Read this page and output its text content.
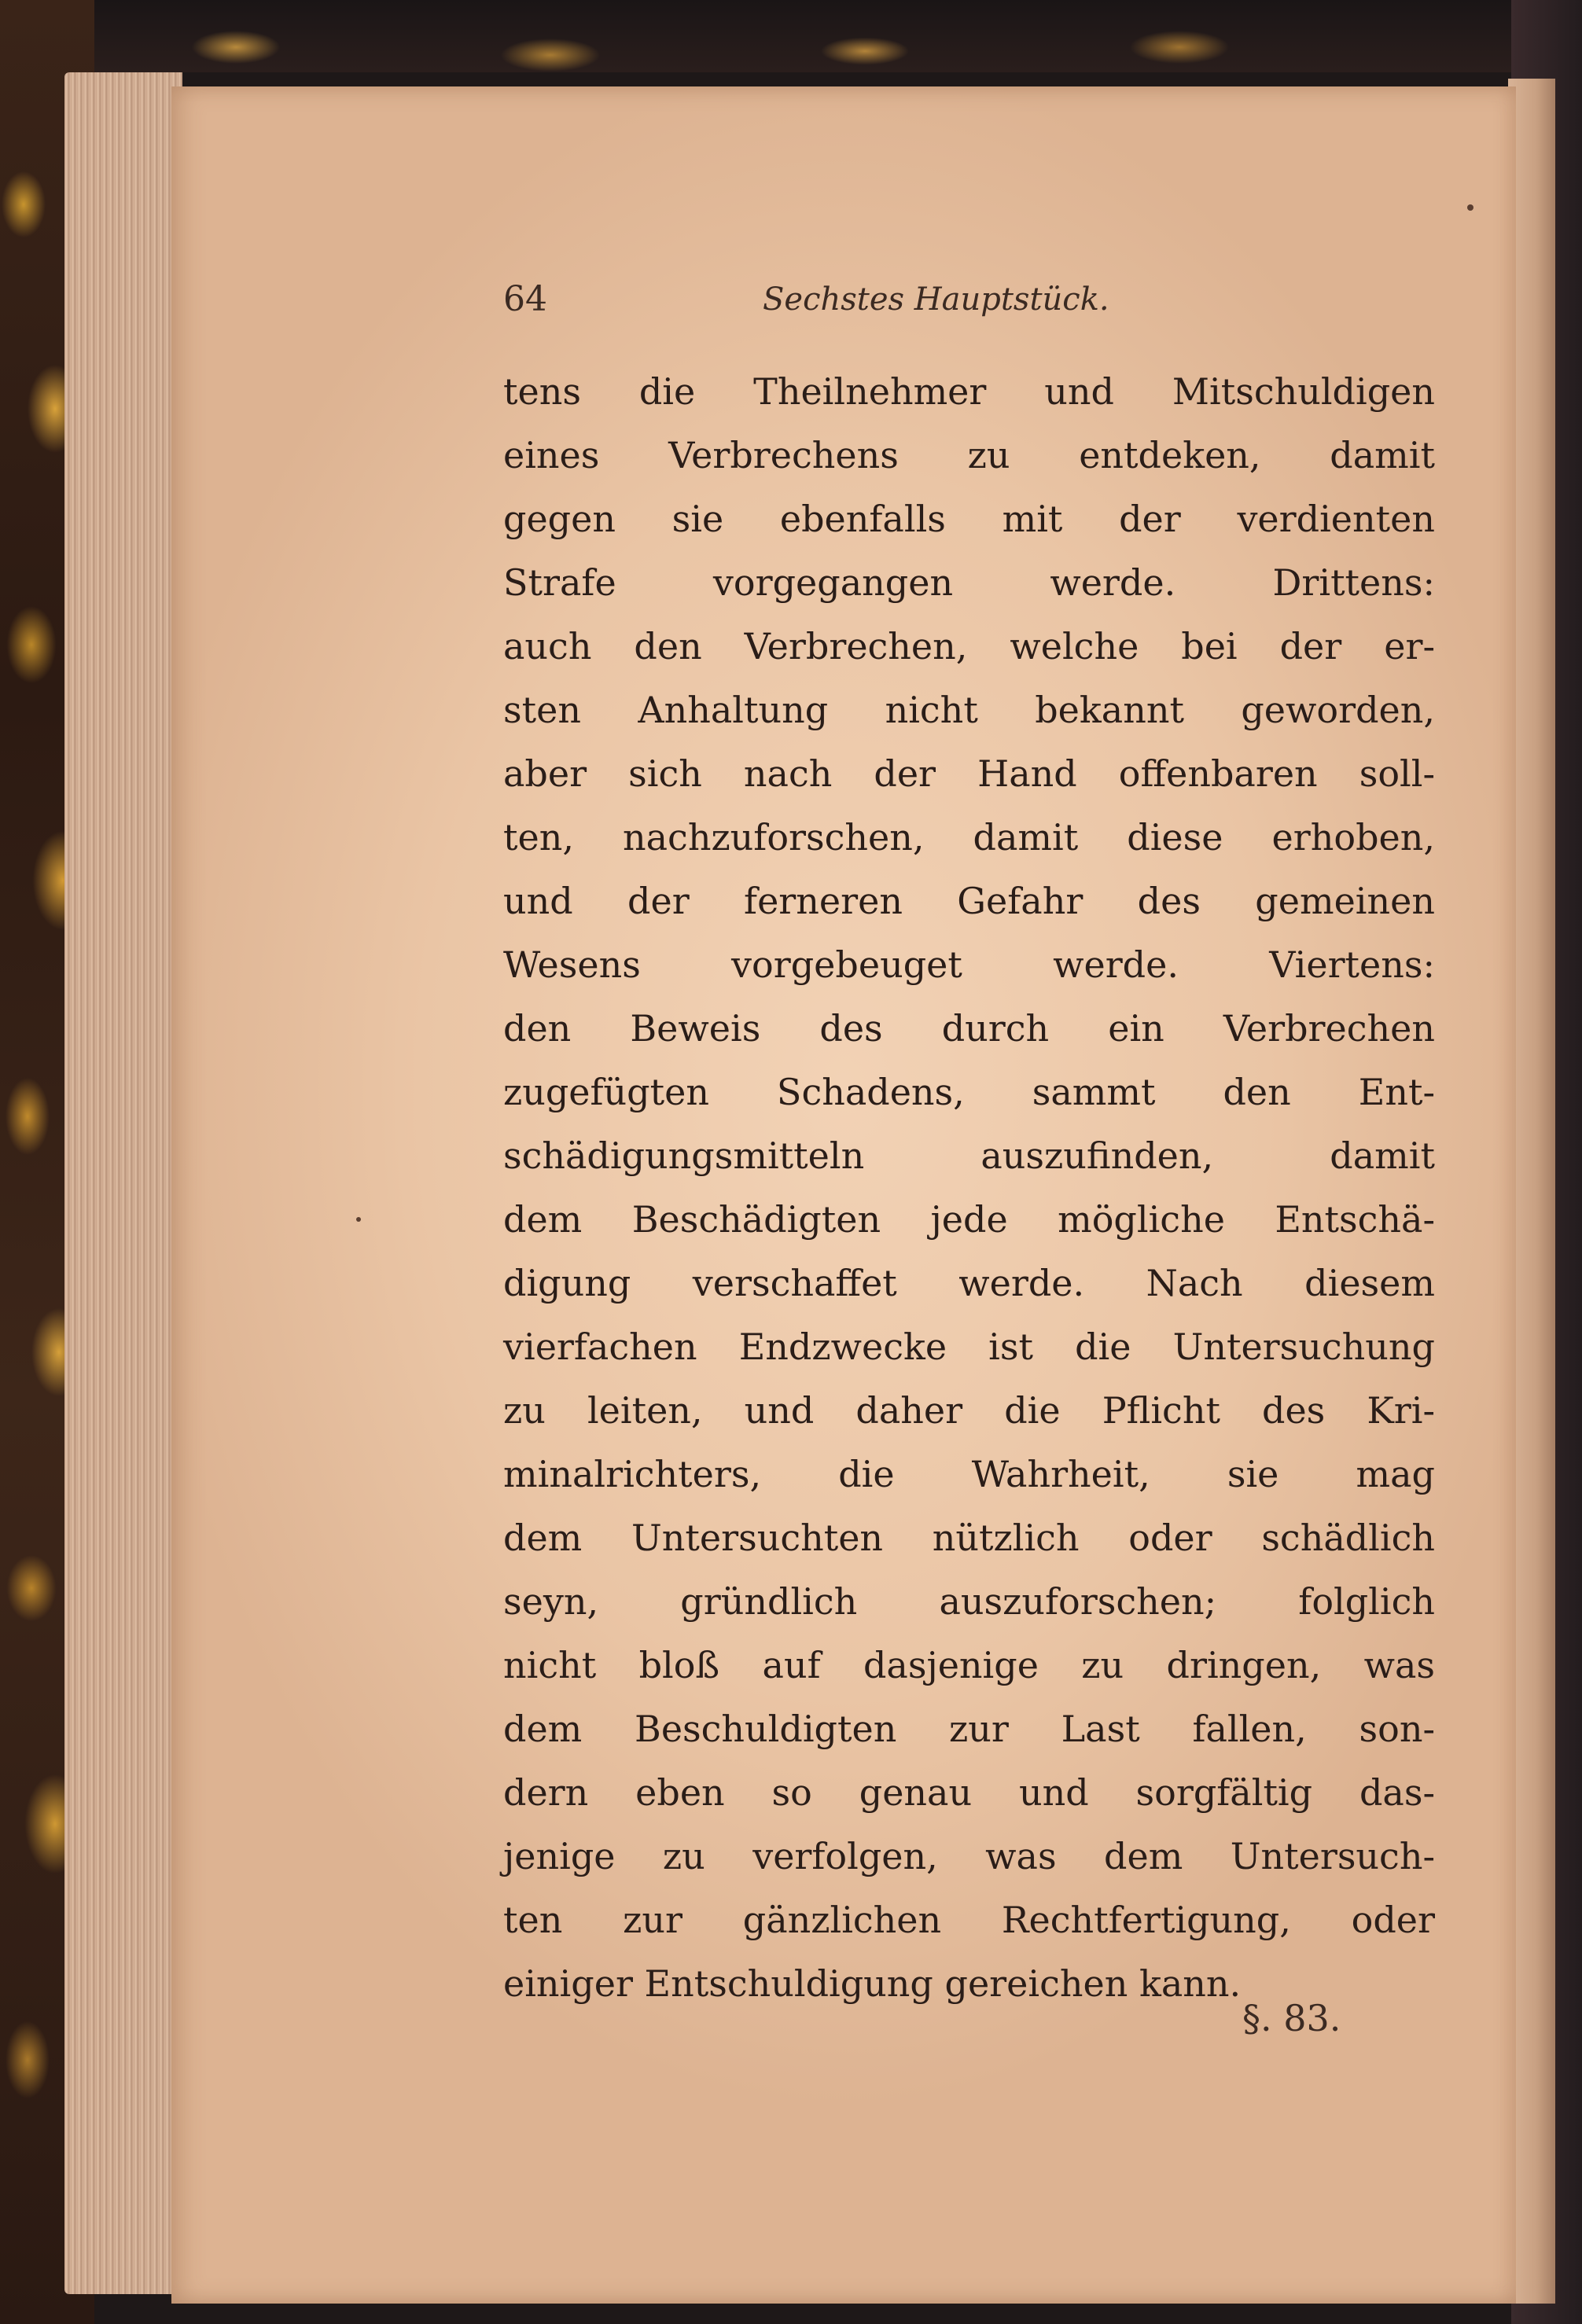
64	Sechstes Hauptstück.
tens die Theilnehmer und Mitschuldigen
eines Verbrechens zu entdeken, damit
gegen sie ebenfalls mit der verdienten
Strafe vorgegangen werde. Drittens:
auch den Verbrechen, welche bei der er-
sten Anhaltung nicht bekannt geworden,
aber sich nach der Hand offenbaren soll-
ten, nachzuforschen, damit diese erhoben,
und der ferneren Gefahr des gemeinen
Wesens vorgebeuget werde. Viertens:
den Beweis des durch ein Verbrechen
zugefügten Schadens, sammt den Ent-
schädigungsmitteln auszufinden, damit
dem Beschädigten jede mögliche Entschä-
digung verschaffet werde. Nach diesem
vierfachen Endzwecke ist die Untersuchung
zu leiten, und daher die Pflicht des Kri-
minalrichters, die Wahrheit, sie mag
dem Untersuchten nützlich oder schädlich
seyn, gründlich auszuforschen; folglich
nicht bloß auf dasjenige zu dringen, was
dem Beschuldigten zur Last fallen, son-
dern eben so genau und sorgfältig das-
jenige zu verfolgen, was dem Untersuch-
ten zur gänzlichen Rechtfertigung, oder
einiger Entschuldigung gereichen kann.
§. 83.
